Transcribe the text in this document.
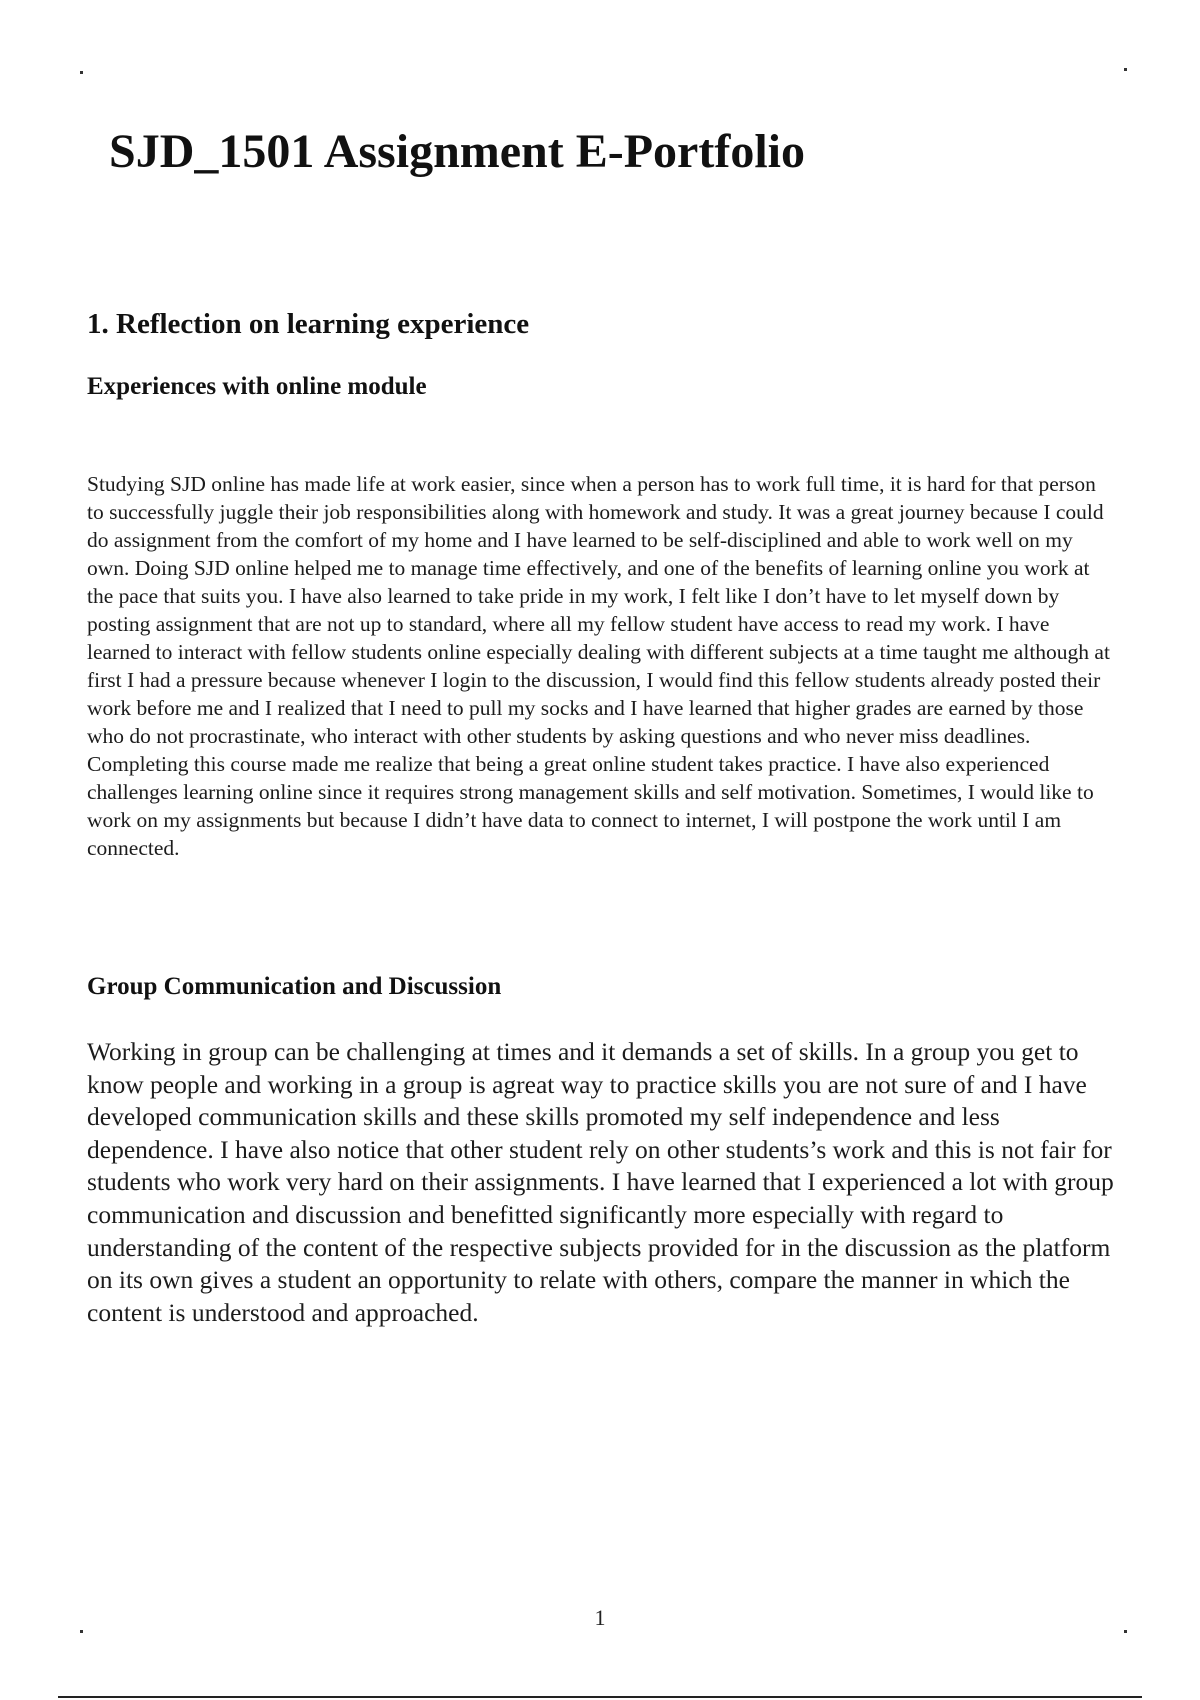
SJD_1501 Assignment E-Portfolio
1. Reflection on learning experience
Experiences with online module

Studying SJD online has made life at work easier, since when a person has to work full time, it is hard for that person to successfully juggle their job responsibilities along with homework and study. It was a great journey because I could do assignment from the comfort of my home and I have learned to be self-disciplined and able to work well on my own. Doing SJD online helped me to manage time effectively, and one of the benefits of learning online you work at the pace that suits you. I have also learned to take pride in my work, I felt like I don’t have to let myself down by posting assignment that are not up to standard, where all my fellow student have access to read my work. I have learned to interact with fellow students online especially dealing with different subjects at a time taught me although at first I had a pressure because whenever I login to the discussion, I would find this fellow students already posted their work before me and I realized that I need to pull my socks and I have learned that higher grades are earned by those who do not procrastinate, who interact with other students by asking questions and who never miss deadlines. Completing this course made me realize that being a great online student takes practice. I have also experienced challenges learning online since it requires strong management skills and self motivation. Sometimes, I would like to work on my assignments but because I didn’t have data to connect to internet, I will postpone the work until I am connected.

Group Communication and Discussion

Working in group can be challenging at times and it demands a set of skills. In a group you get to know people and working in a group is agreat way to practice skills you are not sure of and I have developed communication skills and these skills promoted my self independence and less dependence. I have also notice that other student rely on other students’s work and this is not fair for students who work very hard on their assignments. I have learned that I experienced a lot with group communication and discussion and benefitted significantly more especially with regard to understanding of the content of the respective subjects provided for in the discussion as the platform on its own gives a student an opportunity to relate with others, compare the manner in which the content is understood and approached.

1
